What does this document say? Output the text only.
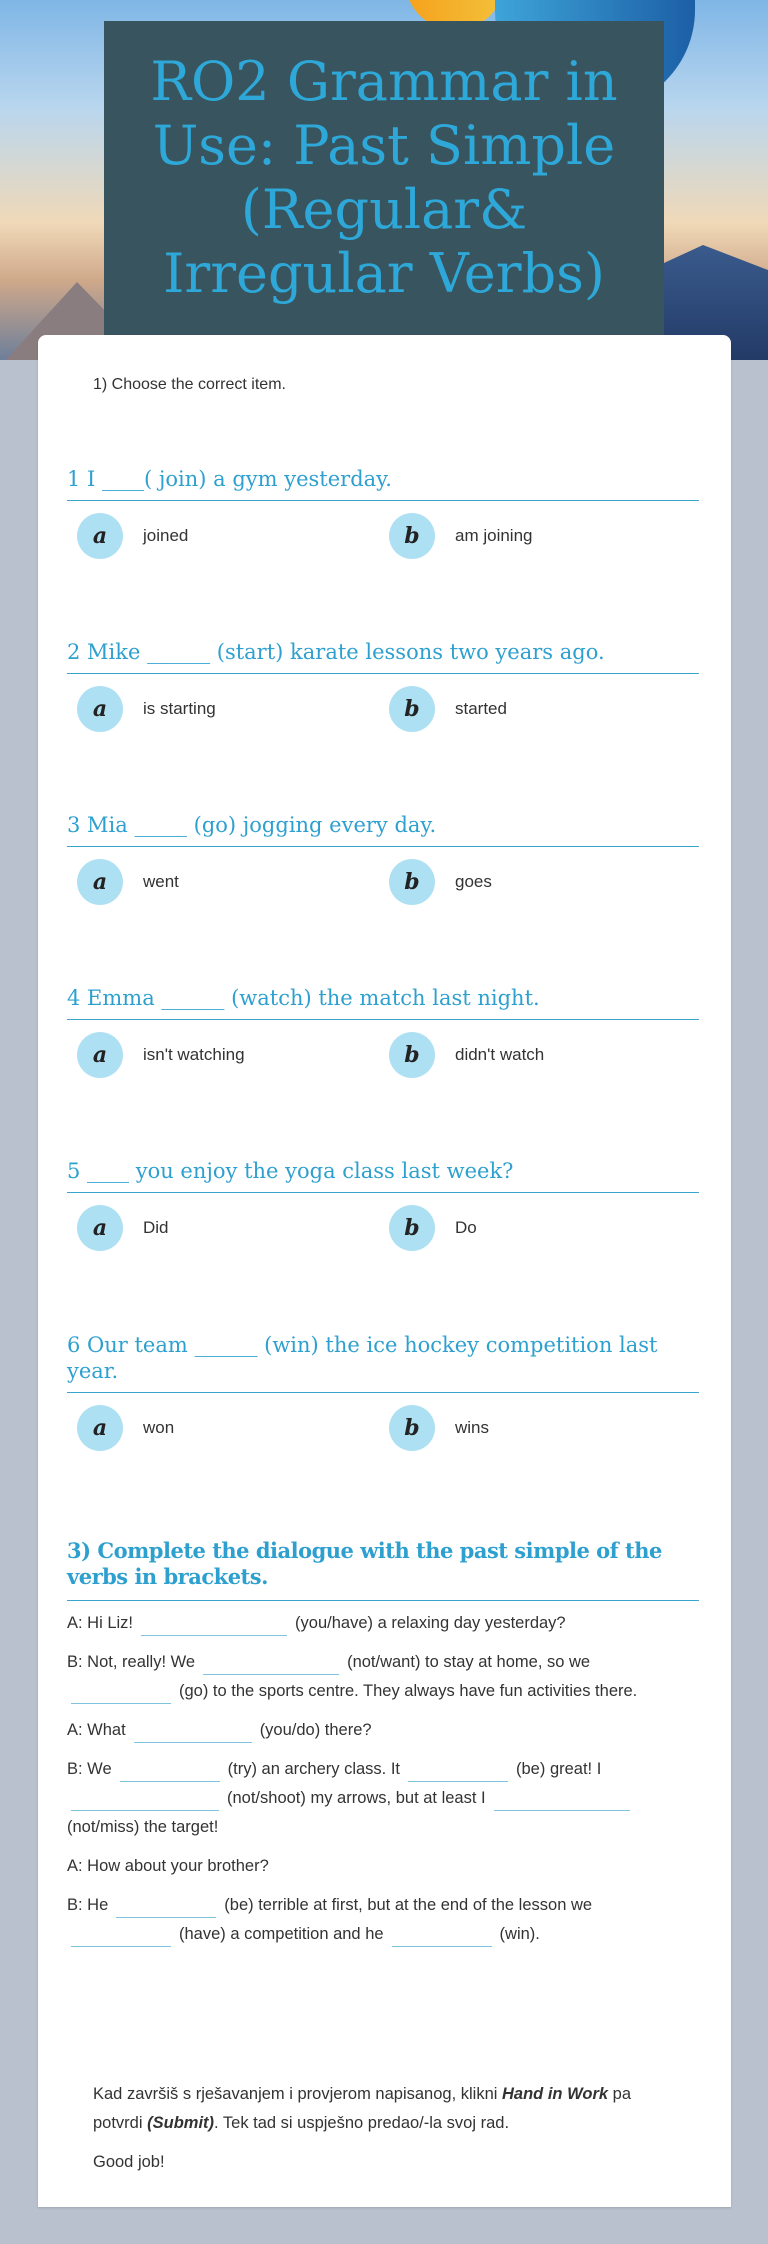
RO2 Grammar in Use: Past Simple (Regular& Irregular Verbs)
1) Choose the correct item.
1 I ____( join) a gym yesterday.
a	joined	b	am joining
2 Mike ______ (start) karate lessons two years ago.
a	is starting	b	started
3 Mia _____ (go) jogging every day.
a	went	b	goes
4 Emma ______ (watch) the match last night.
a	isn't watching	b	didn't watch
5 ____ you enjoy the yoga class last week?
a	Did	b	Do
6 Our team ______ (win) the ice hockey competition last year.
a	won	b	wins
3) Complete the dialogue with the past simple of the verbs in brackets.

A: Hi Liz!	(you/have) a relaxing day yesterday?

B: Not, really! We	(not/want) to stay at home, so we(go) to the sports centre. They always have fun activities there.

A: What	(you/do) there?

B: We	(try) an archery class. It	(be) great! I(not/shoot) my arrows, but at least I(not/miss) the target!

A: How about your brother?

B: He	(be) terrible at first, but at the end of the lesson we(have) a competition and he	(win).

Kad završiš s rješavanjem i provjerom napisanog, klikni Hand in Work pa potvrdi (Submit). Tek tad si uspješno predao/-la svoj rad.

Good job!
